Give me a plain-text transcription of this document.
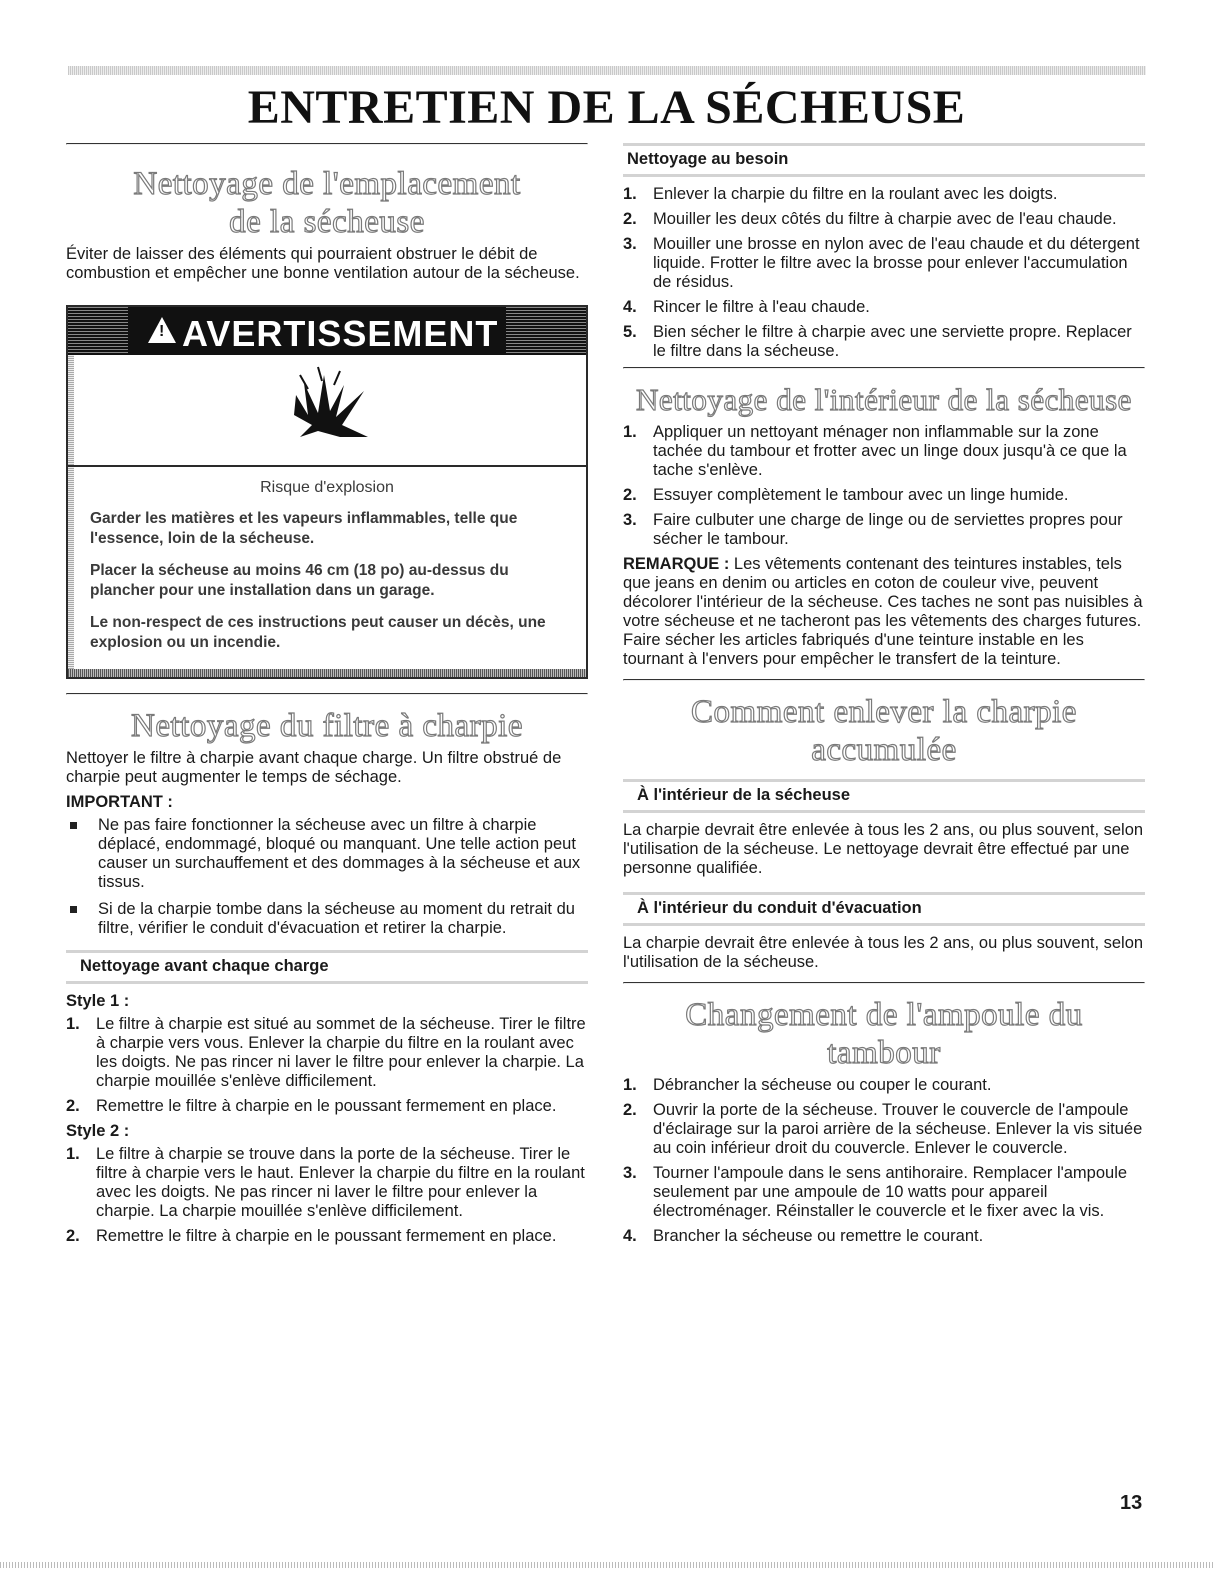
ENTRETIEN DE LA SÉCHEUSE
Nettoyage de l'emplacement
de la sécheuse

Éviter de laisser des éléments qui pourraient obstruer le débit de combustion et empêcher une bonne ventilation autour de la sécheuse.

! AVERTISSEMENT

Risque d'explosion

Garder les matières et les vapeurs inflammables, telle que l'essence, loin de la sécheuse.

Placer la sécheuse au moins 46 cm (18 po) au-dessus du plancher pour une installation dans un garage.

Le non-respect de ces instructions peut causer un décès, une explosion ou un incendie.

Nettoyage du filtre à charpie

Nettoyer le filtre à charpie avant chaque charge. Un filtre obstrué de charpie peut augmenter le temps de séchage.

IMPORTANT :
Ne pas faire fonctionner la sécheuse avec un filtre à charpie déplacé, endommagé, bloqué ou manquant. Une telle action peut causer un surchauffement et des dommages à la sécheuse et aux tissus.
Si de la charpie tombe dans la sécheuse au moment du retrait du filtre, vérifier le conduit d'évacuation et retirer la charpie.
Nettoyage avant chaque charge
Style 1 :
1. Le filtre à charpie est situé au sommet de la sécheuse. Tirer le filtre à charpie vers vous. Enlever la charpie du filtre en la roulant avec les doigts. Ne pas rincer ni laver le filtre pour enlever la charpie. La charpie mouillée s'enlève difficilement.
2. Remettre le filtre à charpie en le poussant fermement en place.
Style 2 :
1. Le filtre à charpie se trouve dans la porte de la sécheuse. Tirer le filtre à charpie vers le haut. Enlever la charpie du filtre en la roulant avec les doigts. Ne pas rincer ni laver le filtre pour enlever la charpie. La charpie mouillée s'enlève difficilement.
2. Remettre le filtre à charpie en le poussant fermement en place.
Nettoyage au besoin
1. Enlever la charpie du filtre en la roulant avec les doigts.
2. Mouiller les deux côtés du filtre à charpie avec de l'eau chaude.
3. Mouiller une brosse en nylon avec de l'eau chaude et du détergent liquide. Frotter le filtre avec la brosse pour enlever l'accumulation de résidus.
4. Rincer le filtre à l'eau chaude.
5. Bien sécher le filtre à charpie avec une serviette propre. Replacer le filtre dans la sécheuse.
Nettoyage de l'intérieur de la sécheuse
1. Appliquer un nettoyant ménager non inflammable sur la zone tachée du tambour et frotter avec un linge doux jusqu'à ce que la tache s'enlève.
2. Essuyer complètement le tambour avec un linge humide.
3. Faire culbuter une charge de linge ou de serviettes propres pour sécher le tambour.

REMARQUE : Les vêtements contenant des teintures instables, tels que jeans en denim ou articles en coton de couleur vive, peuvent décolorer l'intérieur de la sécheuse. Ces taches ne sont pas nuisibles à votre sécheuse et ne tacheront pas les vêtements des charges futures. Faire sécher les articles fabriqués d'une teinture instable en les tournant à l'envers pour empêcher le transfert de la teinture.

Comment enlever la charpie
accumulée
À l'intérieur de la sécheuse

La charpie devrait être enlevée à tous les 2 ans, ou plus souvent, selon l'utilisation de la sécheuse. Le nettoyage devrait être effectué par une personne qualifiée.

À l'intérieur du conduit d'évacuation

La charpie devrait être enlevée à tous les 2 ans, ou plus souvent, selon l'utilisation de la sécheuse.

Changement de l'ampoule du
tambour
1. Débrancher la sécheuse ou couper le courant.
2. Ouvrir la porte de la sécheuse. Trouver le couvercle de l'ampoule d'éclairage sur la paroi arrière de la sécheuse. Enlever la vis située au coin inférieur droit du couvercle. Enlever le couvercle.
3. Tourner l'ampoule dans le sens antihoraire. Remplacer l'ampoule seulement par une ampoule de 10 watts pour appareil électroménager. Réinstaller le couvercle et le fixer avec la vis.
4. Brancher la sécheuse ou remettre le courant.
13
